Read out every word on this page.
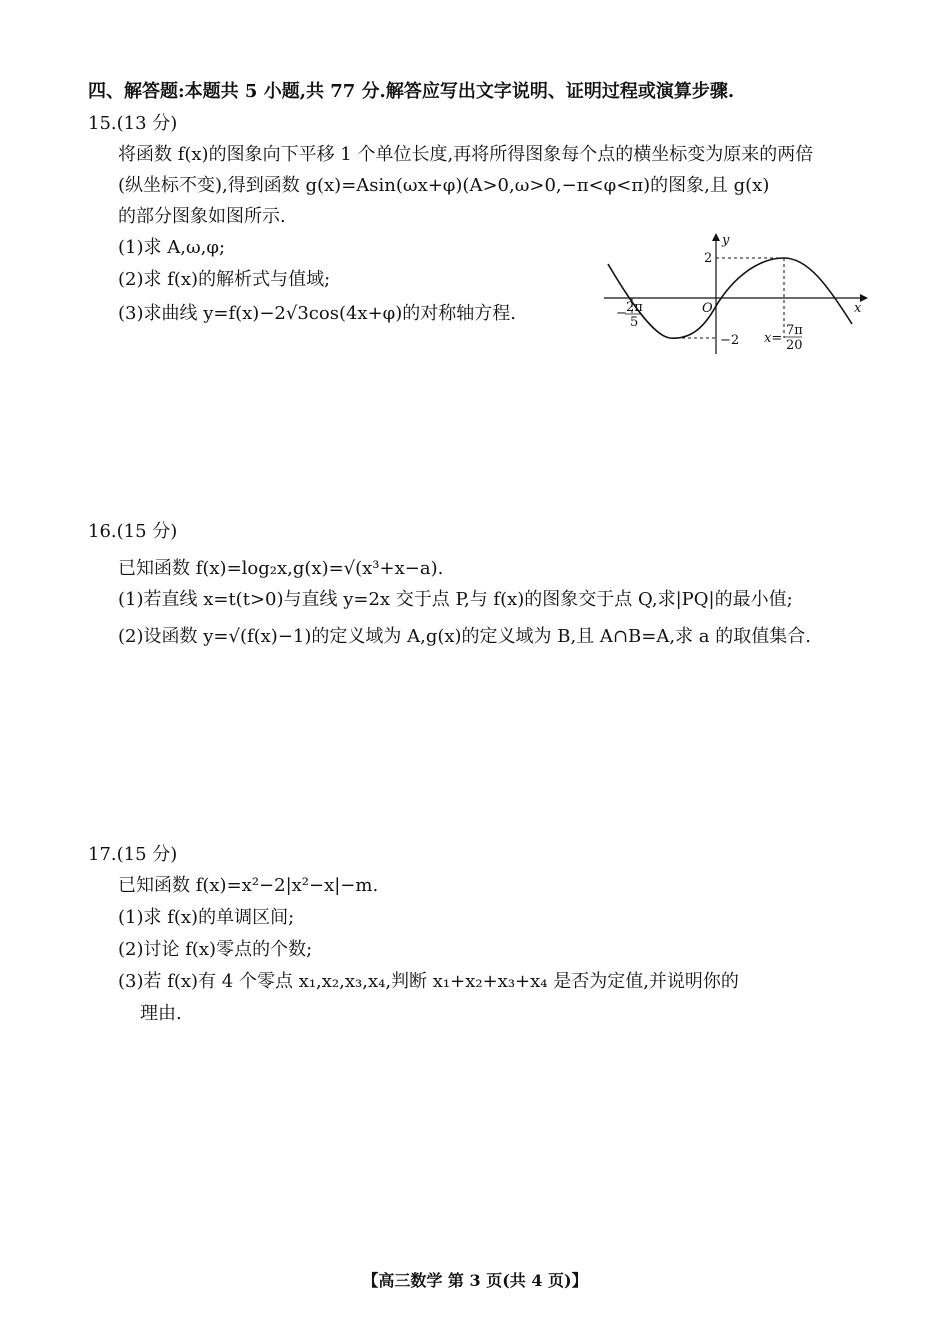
四、解答题:本题共 5 小题,共 77 分.解答应写出文字说明、证明过程或演算步骤.
15.(13 分)
将函数 f(x)的图象向下平移 1 个单位长度,再将所得图象每个点的横坐标变为原来的两倍
(纵坐标不变),得到函数 g(x)=Asin(ωx+φ)(A>0,ω>0,−π<φ<π)的图象,且 g(x)
的部分图象如图所示.
(1)求 A,ω,φ;
(2)求 f(x)的解析式与值域;
(3)求曲线 y=f(x)−2√3cos(4x+φ)的对称轴方程.
y
x
O
2
−2
− 2π
5
x=
7π
20
16.(15 分)
已知函数 f(x)=log₂x,g(x)=√(x³+x−a).
(1)若直线 x=t(t>0)与直线 y=2x 交于点 P,与 f(x)的图象交于点 Q,求|PQ|的最小值;
(2)设函数 y=√(f(x)−1)的定义域为 A,g(x)的定义域为 B,且 A∩B=A,求 a 的取值集合.
17.(15 分)
已知函数 f(x)=x²−2|x²−x|−m.
(1)求 f(x)的单调区间;
(2)讨论 f(x)零点的个数;
(3)若 f(x)有 4 个零点 x₁,x₂,x₃,x₄,判断 x₁+x₂+x₃+x₄ 是否为定值,并说明你的
理由.
【高三数学 第 3 页(共 4 页)】
